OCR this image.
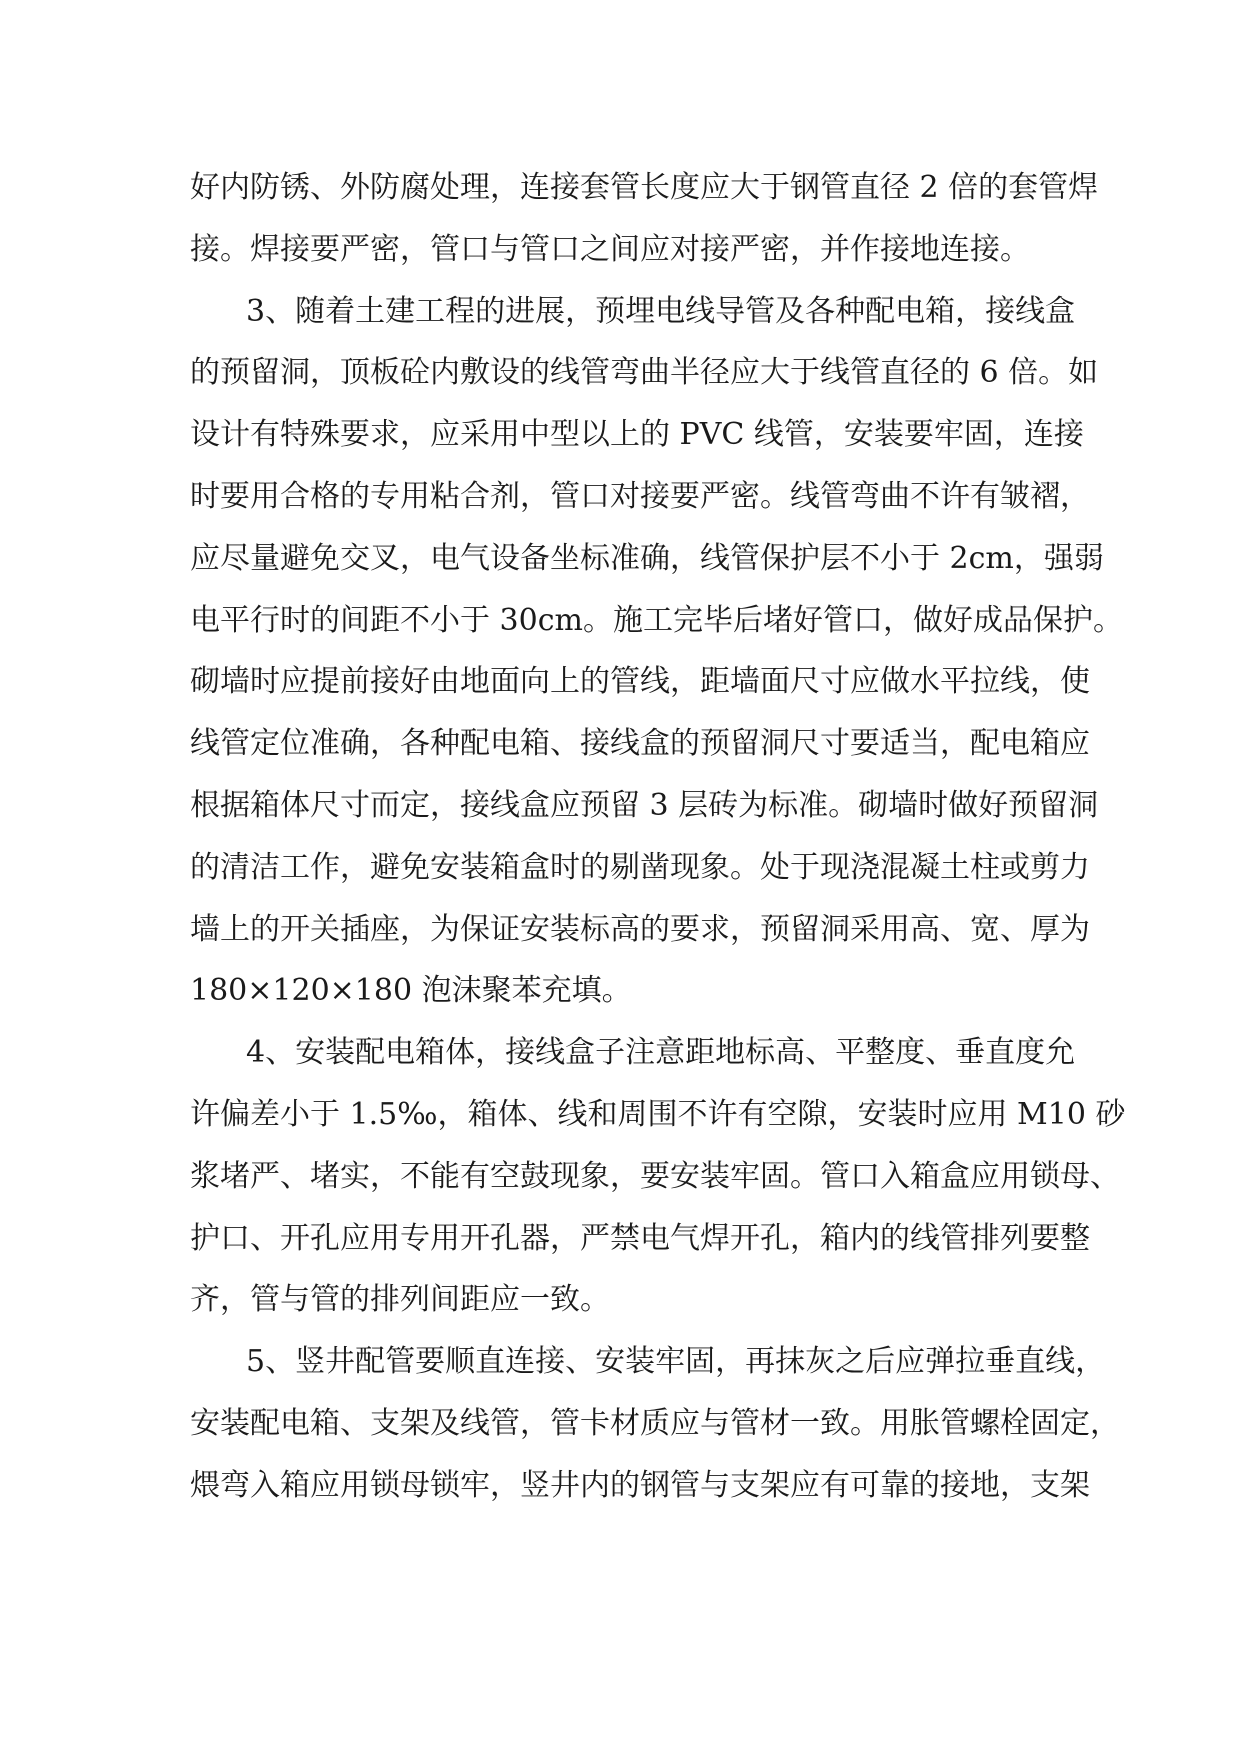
好内防锈、外防腐处理，连接套管长度应大于钢管直径 2 倍的套管焊
接。焊接要严密，管口与管口之间应对接严密，并作接地连接。
3、随着土建工程的进展，预埋电线导管及各种配电箱，接线盒
的预留洞，顶板砼内敷设的线管弯曲半径应大于线管直径的 6 倍。如
设计有特殊要求，应采用中型以上的 PVC 线管，安装要牢固，连接
时要用合格的专用粘合剂，管口对接要严密。线管弯曲不许有皱褶，
应尽量避免交叉，电气设备坐标准确，线管保护层不小于 2cm，强弱
电平行时的间距不小于 30cm。施工完毕后堵好管口，做好成品保护。
砌墙时应提前接好由地面向上的管线，距墙面尺寸应做水平拉线，使
线管定位准确，各种配电箱、接线盒的预留洞尺寸要适当，配电箱应
根据箱体尺寸而定，接线盒应预留 3 层砖为标准。砌墙时做好预留洞
的清洁工作，避免安装箱盒时的剔凿现象。处于现浇混凝土柱或剪力
墙上的开关插座，为保证安装标高的要求，预留洞采用高、宽、厚为
180×120×180 泡沫聚苯充填。
4、安装配电箱体，接线盒子注意距地标高、平整度、垂直度允
许偏差小于 1.5‰，箱体、线和周围不许有空隙，安装时应用 M10 砂
浆堵严、堵实，不能有空鼓现象，要安装牢固。管口入箱盒应用锁母、
护口、开孔应用专用开孔器，严禁电气焊开孔，箱内的线管排列要整
齐，管与管的排列间距应一致。
5、竖井配管要顺直连接、安装牢固，再抹灰之后应弹拉垂直线，
安装配电箱、支架及线管，管卡材质应与管材一致。用胀管螺栓固定，
煨弯入箱应用锁母锁牢，竖井内的钢管与支架应有可靠的接地，支架
